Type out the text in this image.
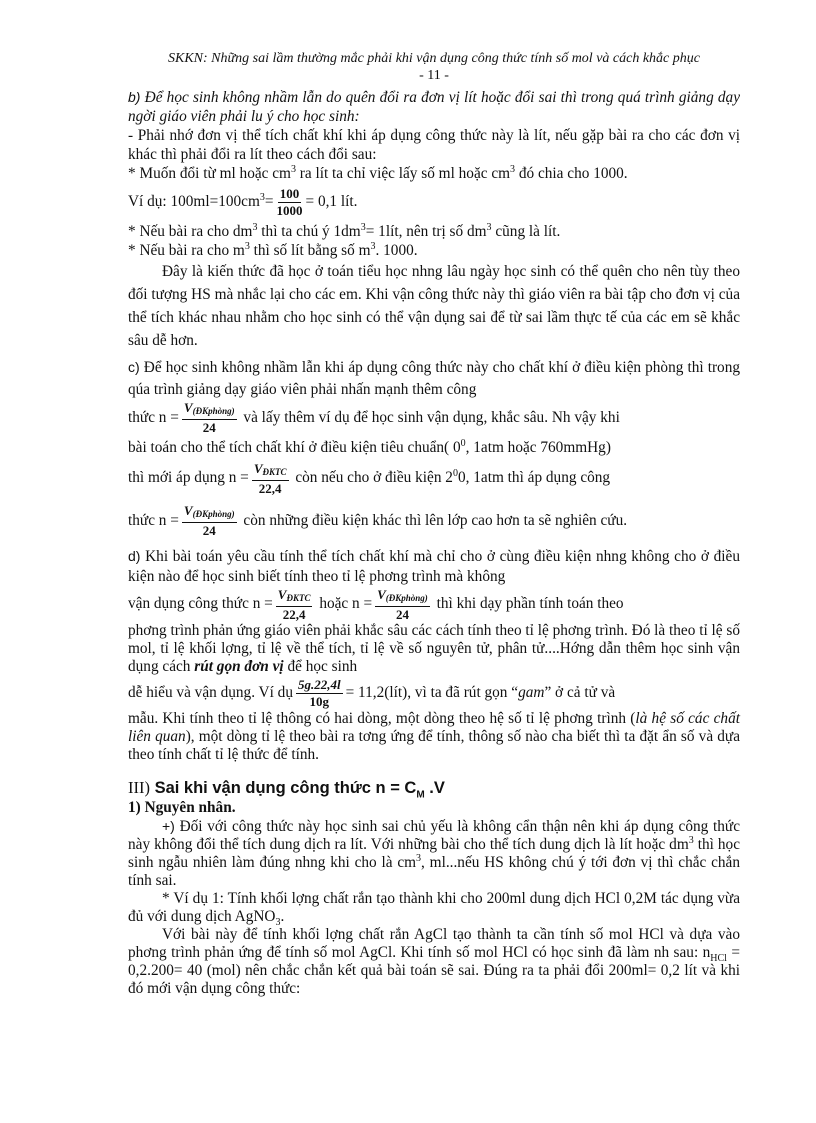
SKKN: Những sai lầm thường mắc phải khi vận dụng công thức tính số mol và cách khắc phục
- 11 -

b) Để học sinh không nhầm lẫn do quên đổi ra đơn vị lít hoặc đổi sai thì trong quá trình giảng dạy ngời giáo viên phải lu ý cho học sinh:

- Phải nhớ đơn vị thể tích chất khí khi áp dụng công thức này là lít, nếu gặp bài ra cho các đơn vị khác thì phải đổi ra lít theo cách đổi sau:

* Muốn đổi từ ml hoặc $cm^3$ ra lít ta chỉ việc lấy số ml hoặc $cm^3$ đó chia cho 1000.

Ví dụ: $100ml=100cm^3= \frac{100}{1000} = 0,1$ lít.

* Nếu bài ra cho $dm^3$ thì ta chú ý $1dm^3=$ 1lít, nên trị số $dm^3$ cũng là lít.

* Nếu bài ra cho $m^3$ thì số lít bằng số $m^3$. 1000.

Đây là kiến thức đã học ở toán tiểu học nhng lâu ngày học sinh có thể quên cho nên tùy theo đối tượng HS mà nhắc lại cho các em. Khi vận công thức này thì giáo viên ra bài tập cho đơn vị của thể tích khác nhau nhằm cho học sinh có thể vận dụng sai để từ sai lầm thực tế của các em sẽ khắc sâu dễ hơn.

c) Để học sinh không nhầm lẫn khi áp dụng công thức này cho chất khí ở điều kiện phòng thì trong qúa trình giảng dạy giáo viên phải nhấn mạnh thêm công

thức $n = \frac{V_{(ĐKphòng)}}{24}$ và lấy thêm ví dụ để học sinh vận dụng, khắc sâu. Nh vậy khi

bài toán cho thể tích chất khí ở điều kiện tiêu chuẩn( $0^0$, 1atm hoặc 760mmHg)

thì mới áp dụng $n = \frac{V_{ĐKTC}}{22,4}$ còn nếu cho ở điều kiện $2^00$, 1atm thì áp dụng công

thức $n = \frac{V_{(ĐKphòng)}}{24}$ còn những điều kiện khác thì lên lớp cao hơn ta sẽ nghiên cứu.

d) Khi bài toán yêu cầu tính thể tích chất khí mà chỉ cho ở cùng điều kiện nhng không cho ở điều kiện nào để học sinh biết tính theo tỉ lệ phơng trình mà không

vận dụng công thức $n = \frac{V_{ĐKTC}}{22,4}$ hoặc $n = \frac{V_{(ĐKphòng)}}{24}$ thì khi dạy phần tính toán theo

phơng trình phản ứng giáo viên phải khắc sâu các cách tính theo tỉ lệ phơng trình. Đó là theo tỉ lệ số mol, tỉ lệ khối lợng, tỉ lệ về thể tích, tỉ lệ về số nguyên tử, phân tử....Hớng dẫn thêm học sinh vận dụng cách rút gọn đơn vị để học sinh

dễ hiểu và vận dụng. Ví dụ $\frac{5g.22,4l}{10g}$ = 11,2(lít), vì ta đã rút gọn “gam” ở cả tử và

mẫu. Khi tính theo tỉ lệ thông có hai dòng, một dòng theo hệ số tỉ lệ phơng trình (là hệ số các chất liên quan), một dòng tỉ lệ theo bài ra tơng ứng để tính, thông số nào cha biết thì ta đặt ẩn số và dựa theo tính chất tỉ lệ thức để tính.

III) Sai khi vận dụng công thức $n = C_M$ .V

1) Nguyên nhân.

+) Đối với công thức này học sinh sai chủ yếu là không cẩn thận nên khi áp dụng công thức này không đổi thể tích dung dịch ra lít. Với những bài cho thể tích dung dịch là lít hoặc $dm^3$ thì học sinh ngẫu nhiên làm đúng nhng khi cho là $cm^3$, ml...nếu HS không chú ý tới đơn vị thì chắc chắn tính sai.

* Ví dụ 1: Tính khối lợng chất rắn tạo thành khi cho 200ml dung dịch HCl 0,2M tác dụng vừa đủ với dung dịch AgNO$_3$.

Với bài này để tính khối lợng chất rắn AgCl tạo thành ta cần tính số mol HCl và dựa vào phơng trình phản ứng để tính số mol AgCl. Khi tính số mol HCl có học sinh đã làm nh sau: $n_{HCl} = 0,2.200= 40$ (mol) nên chắc chắn kết quả bài toán sẽ sai. Đúng ra ta phải đổi 200ml= 0,2 lít và khi đó mới vận dụng công thức:
